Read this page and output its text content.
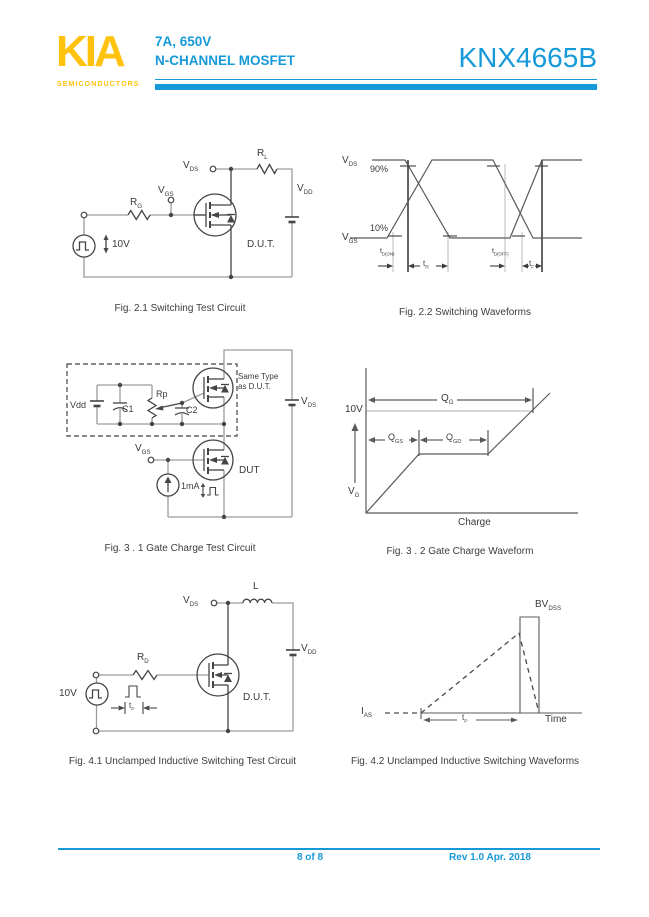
KIA
SEMICONDUCTORS
7A, 650V
N-CHANNEL MOSFET	KNX4665B
$V_{DS}$
$R_L$
$V_{DD}$
$V_{GS}$
$R_G$
10V	D.U.T.
Fig. 2.1 Switching Test Circuit
$V_{DS}$
$V_{GS}$
90%
10%
$t_{D(ON)}$
$t_R$
$t_{D(OFF)}$
$t_F$
Fig. 2.2 Switching Waveforms
Same Type
as D.U.T.
Vdd	C1
Rp
C2
$V_{DS}$
$V_{GS}$
DUT
1mA
Fig. 3 . 1 Gate Charge Test Circuit
10V
$V_G$
$Q_G$
$Q_{GS}$	$Q_{GD}$
Charge
Fig. 3 . 2 Gate Charge Waveform
$V_{DS}$
L
$V_{DD}$
$R_D$
10V
$t_P$
D.U.T.
Fig. 4.1 Unclamped Inductive Switching Test Circuit
$BV_{DSS}$
$I_{AS}$	$t_P$	Time
Fig. 4.2 Unclamped Inductive Switching Waveforms
8 of 8	Rev 1.0 Apr. 2018
